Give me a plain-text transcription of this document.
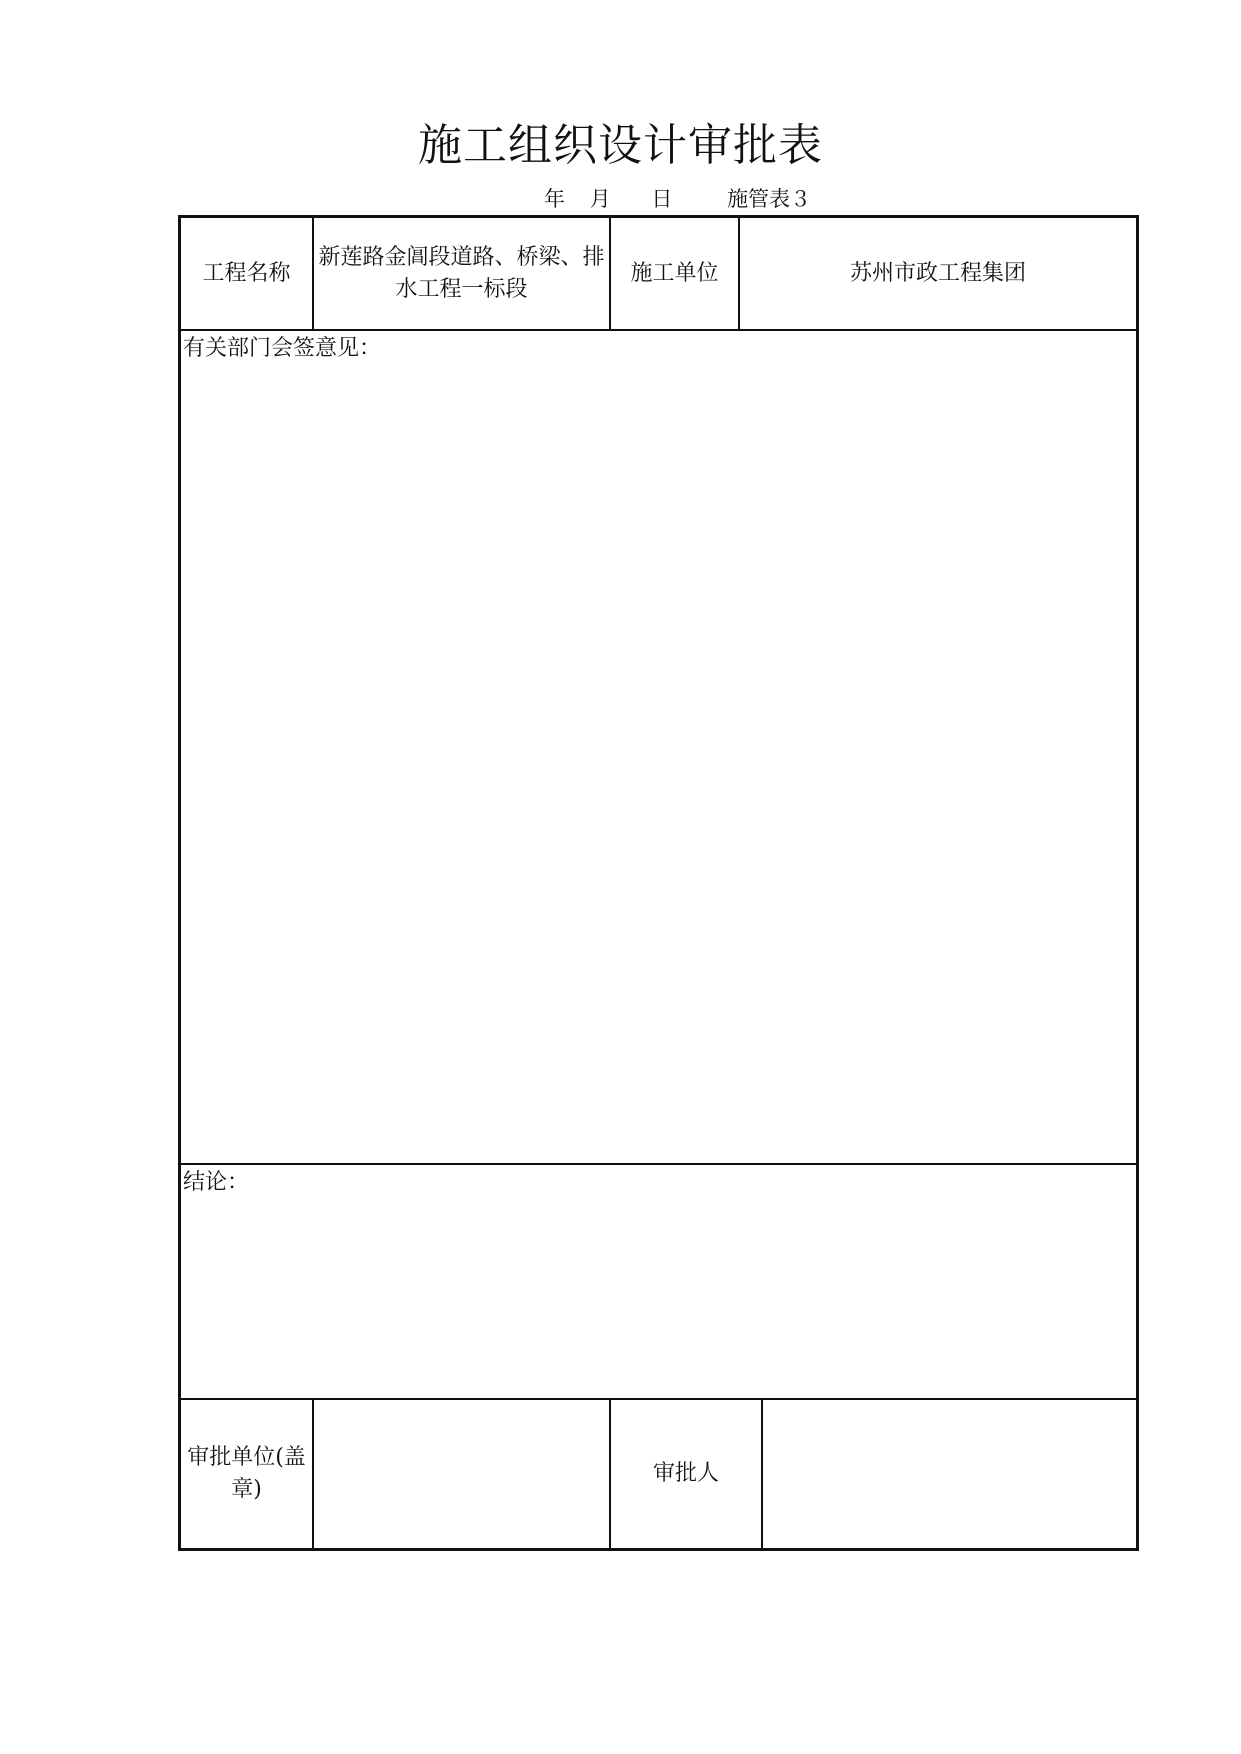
施工组织设计审批表
年 月 日	施管表３
工程名称	新莲路金阊段道路、桥梁、排水工程一标段	施工单位	苏州市政工程集团	
有关部门会签意见：				
结论：				
审批单位(盖章)		审批人		
